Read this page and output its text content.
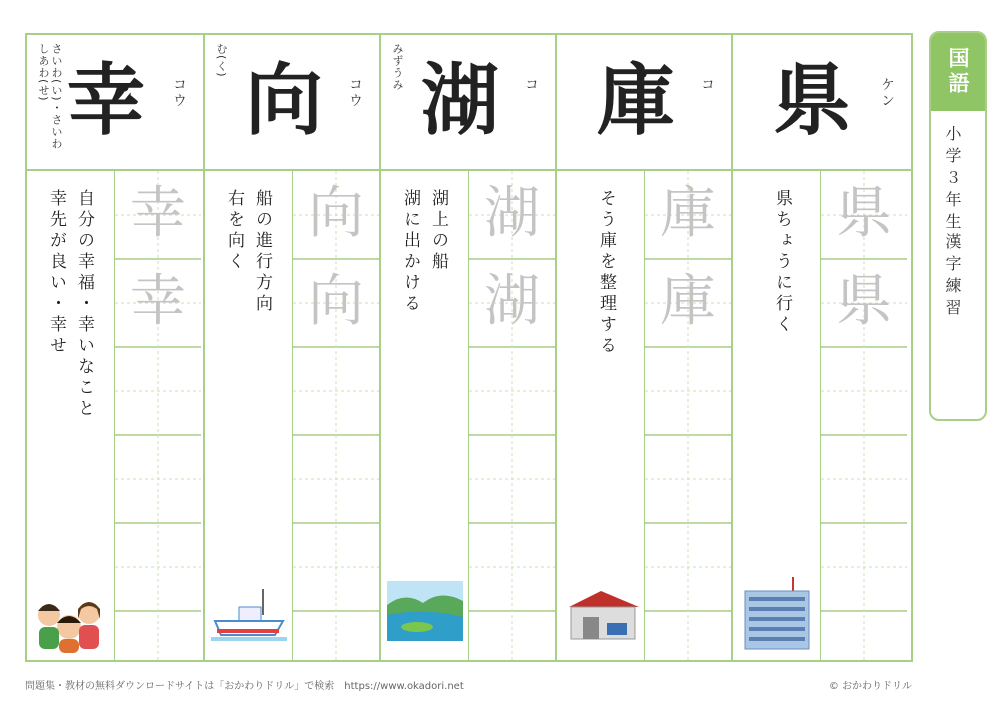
さいわ(い)・さいわ
しあわ(せ) 幸 コウ
自分の幸福・幸いなこと
幸先が良い・幸せ 幸
幸
む(く) 向 コウ
船の進行方向
右を向く 向
向
みずうみ 湖 コ
湖上の船
湖に出かける 湖
湖
庫 コ
そう庫を整理する 庫
庫
県 ケン
県ちょうに行く 県
県
国語
小学３年生
漢字練習
問題集・教材の無料ダウンロードサイトは「おかわりドリル」で検索　https://www.okadori.net	© おかわりドリル
